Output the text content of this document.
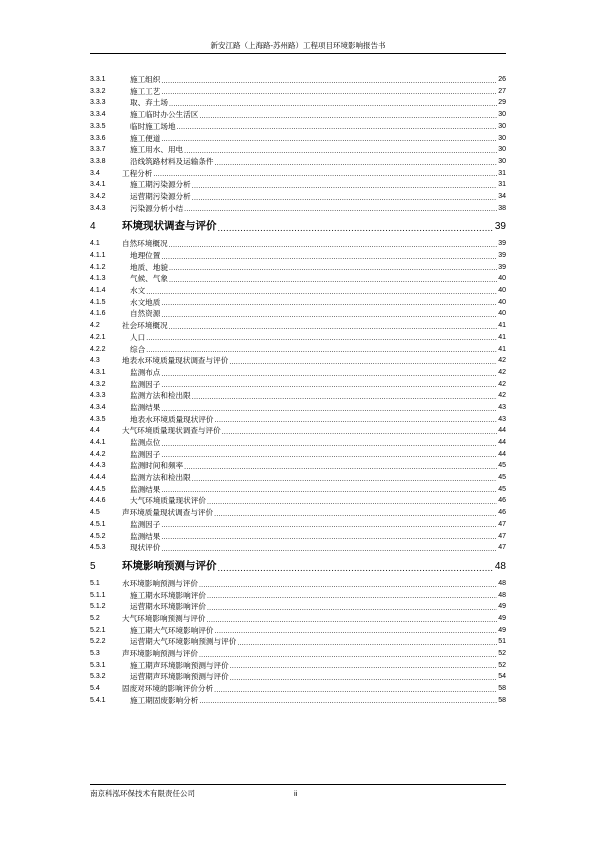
新安江路（上海路-苏州路）工程项目环境影响报告书
3.3.1	施工组织 .....	26
3.3.2	施工工艺 .....	27
3.3.3	取、弃土场 .....	29
3.3.4	施工临时办公生活区 .....	30
3.3.5	临时施工场地 .....	30
3.3.6	施工便道 .....	30
3.3.7	施工用水、用电 .....	30
3.3.8	沿线筑路材料及运输条件 .....	30
3.4	工程分析 .....	31
3.4.1	施工期污染源分析 .....	31
3.4.2	运营期污染源分析 .....	34
3.4.3	污染源分析小结 .....	38
4	环境现状调查与评价 .....	39
4.1	自然环境概况 .....	39
4.1.1	地理位置 .....	39
4.1.2	地质、地貌 .....	39
4.1.3	气候、气象 .....	40
4.1.4	水文 .....	40
4.1.5	水文地质 .....	40
4.1.6	自然资源 .....	40
4.2	社会环境概况 .....	41
4.2.1	人口 .....	41
4.2.2	综合 .....	41
4.3	地表水环境质量现状调查与评价 .....	42
4.3.1	监测布点 .....	42
4.3.2	监测因子 .....	42
4.3.3	监测方法和检出限 .....	42
4.3.4	监测结果 .....	43
4.3.5	地表水环境质量现状评价 .....	43
4.4	大气环境质量现状调查与评价 .....	44
4.4.1	监测点位 .....	44
4.4.2	监测因子 .....	44
4.4.3	监测时间和频率 .....	45
4.4.4	监测方法和检出限 .....	45
4.4.5	监测结果 .....	45
4.4.6	大气环境质量现状评价 .....	46
4.5	声环境质量现状调查与评价 .....	46
4.5.1	监测因子 .....	47
4.5.2	监测结果 .....	47
4.5.3	现状评价 .....	47
5	环境影响预测与评价 .....	48
5.1	水环境影响预测与评价 .....	48
5.1.1	施工期水环境影响评价 .....	48
5.1.2	运营期水环境影响评价 .....	49
5.2	大气环境影响预测与评价 .....	49
5.2.1	施工期大气环境影响评价 .....	49
5.2.2	运营期大气环境影响预测与评价 .....	51
5.3	声环境影响预测与评价 .....	52
5.3.1	施工期声环境影响预测与评价 .....	52
5.3.2	运营期声环境影响预测与评价 .....	54
5.4	固废对环境的影响评价分析 .....	58
5.4.1	施工期固废影响分析 .....	58
南京科泓环保技术有限责任公司	ii
